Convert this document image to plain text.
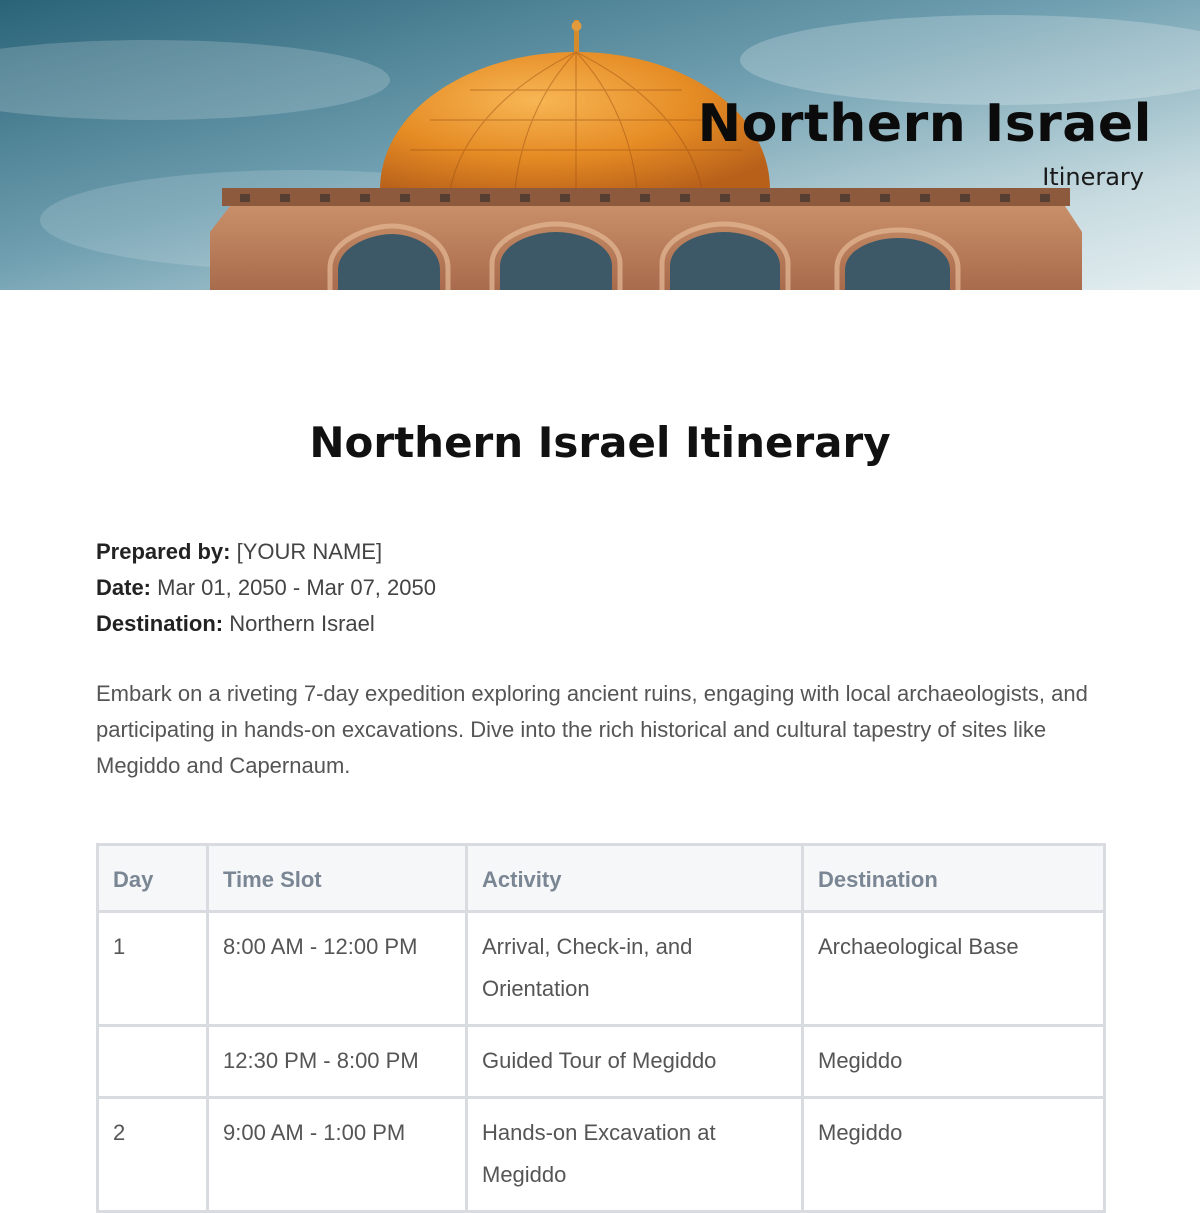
Northern Israel
Itinerary
Northern Israel Itinerary
Prepared by: [YOUR NAME]
Date: Mar 01, 2050 - Mar 07, 2050
Destination: Northern Israel

Embark on a riveting 7-day expedition exploring ancient ruins, engaging with local archaeologists, and participating in hands-on excavations. Dive into the rich historical and cultural tapestry of sites like Megiddo and Capernaum.

Day	Time Slot	Activity	Destination
1	8:00 AM - 12:00 PM	Arrival, Check-in, and Orientation	Archaeological Base
	12:30 PM - 8:00 PM	Guided Tour of Megiddo	Megiddo
2	9:00 AM - 1:00 PM	Hands-on Excavation at Megiddo	Megiddo
